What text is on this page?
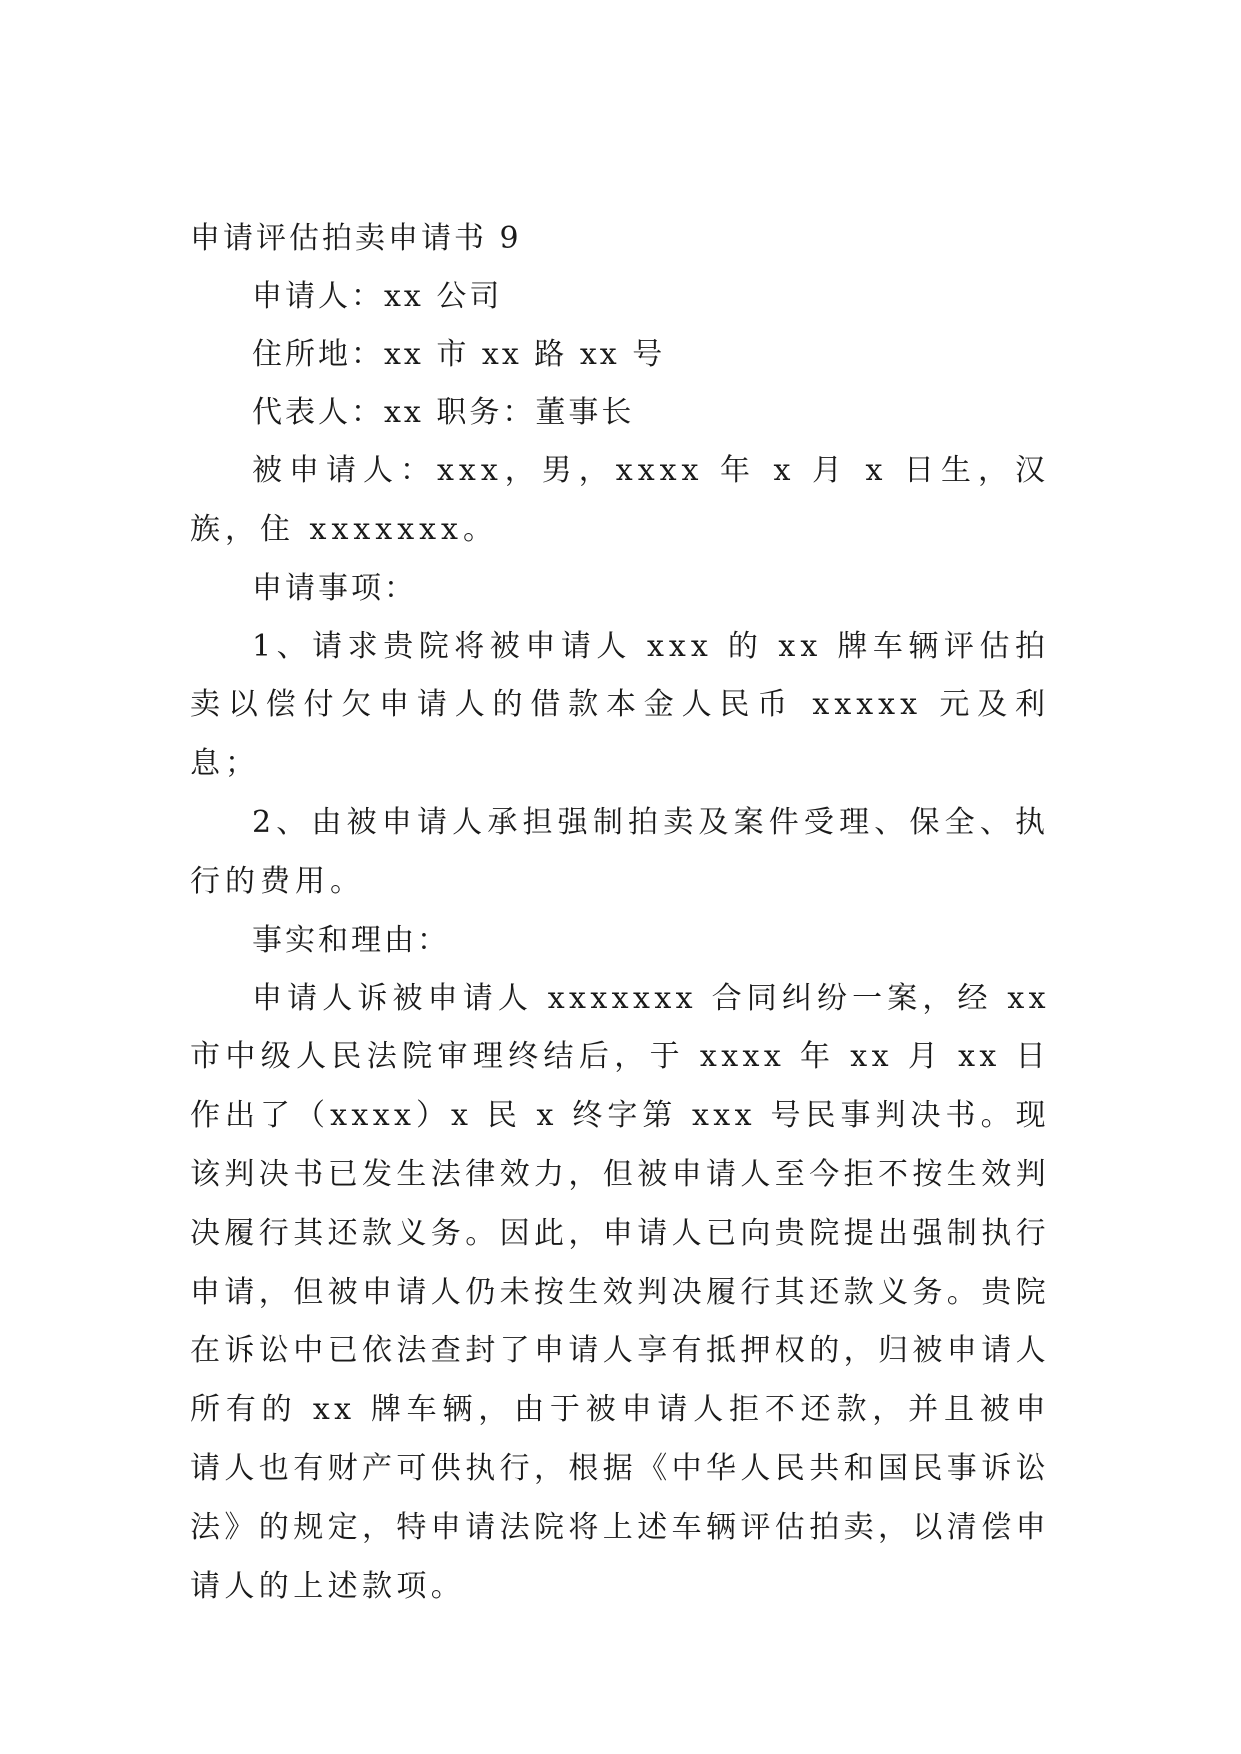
申请评估拍卖申请书 9

申请人：xx 公司

住所地：xx 市 xx 路 xx 号

代表人：xx 职务：董事长

被申请人：xxx，男，xxxx 年 x 月 x 日生，汉族，住 xxxxxxx。

申请事项：

1、请求贵院将被申请人 xxx 的 xx 牌车辆评估拍卖以偿付欠申请人的借款本金人民币 xxxxx 元及利息；

2、由被申请人承担强制拍卖及案件受理、保全、执行的费用。

事实和理由：

申请人诉被申请人 xxxxxxx 合同纠纷一案，经 xx 市中级人民法院审理终结后，于 xxxx 年 xx 月 xx 日作出了（xxxx）x 民 x 终字第 xxx 号民事判决书。现该判决书已发生法律效力，但被申请人至今拒不按生效判决履行其还款义务。因此，申请人已向贵院提出强制执行申请，但被申请人仍未按生效判决履行其还款义务。贵院在诉讼中已依法查封了申请人享有抵押权的，归被申请人所有的 xx 牌车辆，由于被申请人拒不还款，并且被申请人也有财产可供执行，根据《中华人民共和国民事诉讼法》的规定，特申请法院将上述车辆评估拍卖，以清偿申请人的上述款项。
